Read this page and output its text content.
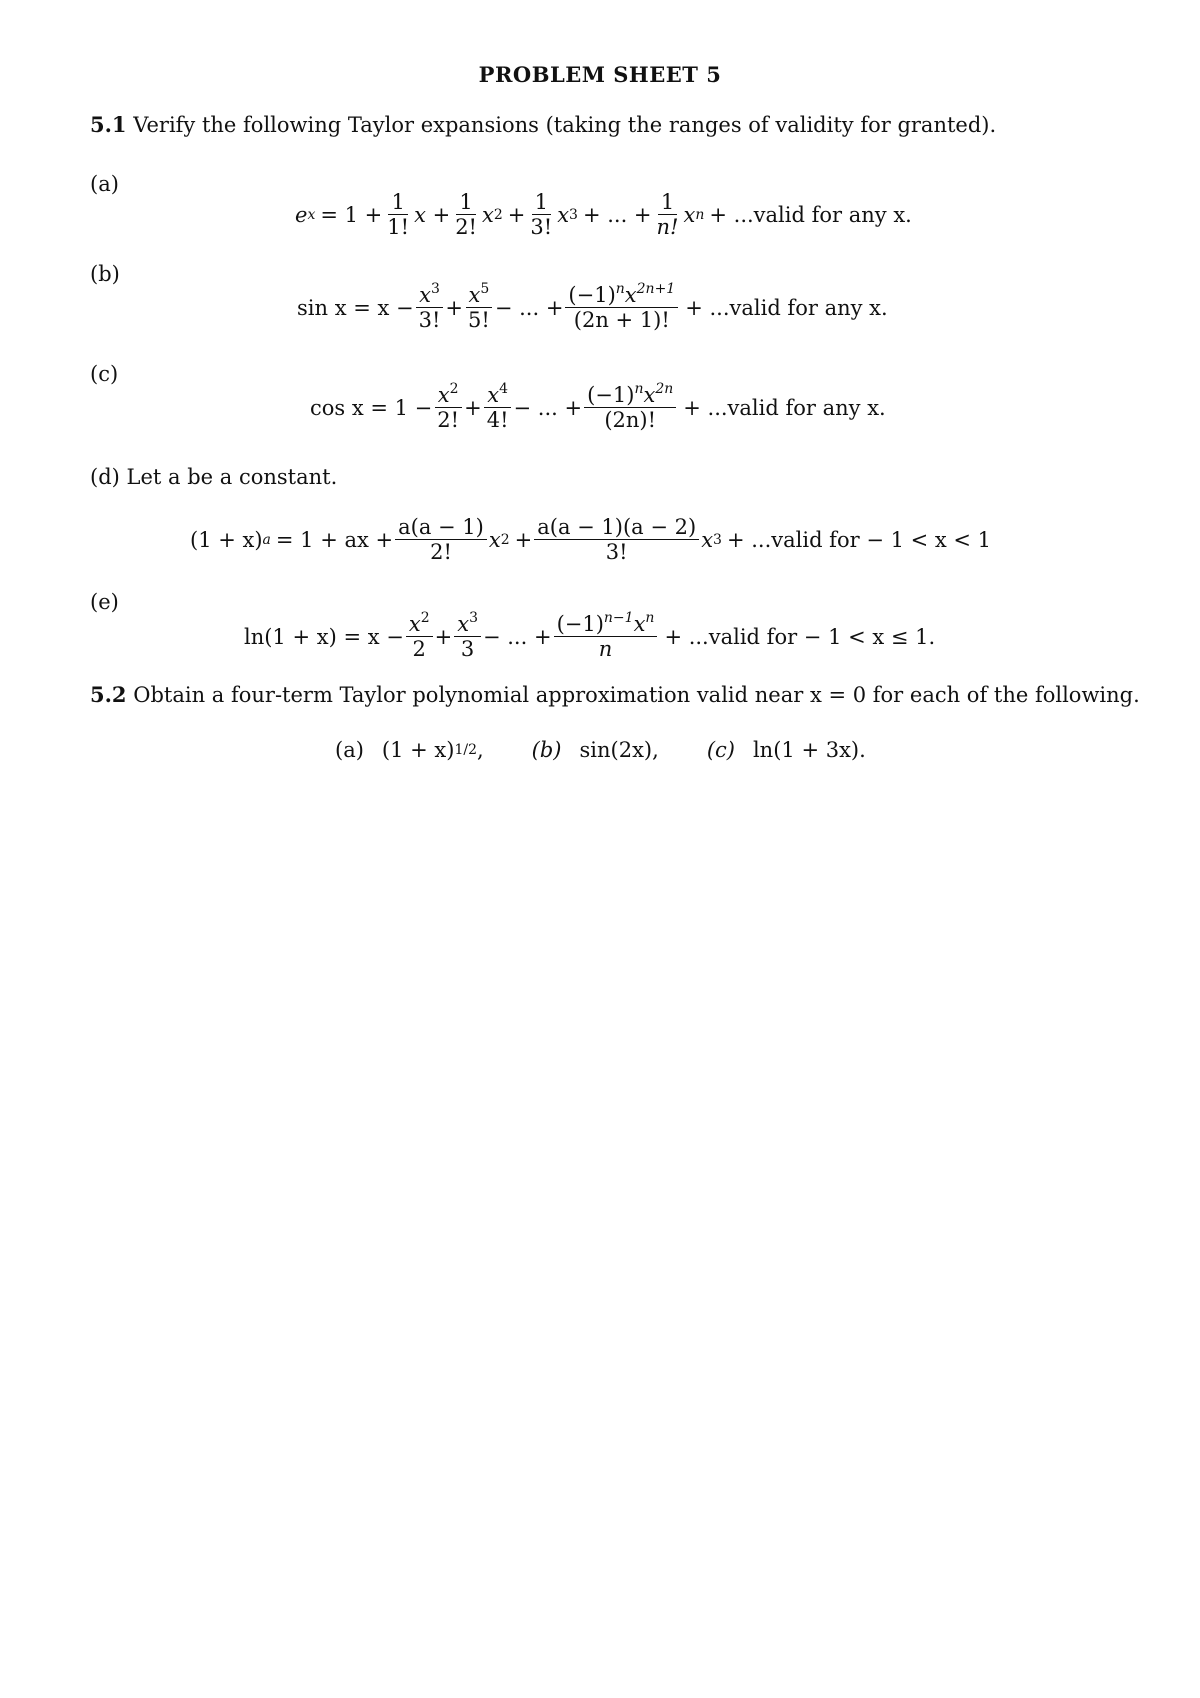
PROBLEM SHEET 5
5.1 Verify the following Taylor expansions (taking the ranges of validity for granted).
(a)
e $x = 1 + \frac{1}{1!}$ $x + \frac{1}{2!}$ x $2 + \frac{1}{3!}$ x 3 + ... + $\frac{1}{n!}$ x n + ...valid for any x.
(b)
$\sin x = x - \frac{x^3}{3!} + \frac{x^5}{5!}$ − ... + $\frac{(-1)^nx^{2n+1}}{(2n + 1)!}$ + ...valid for any x.
(c)
$\cos x = 1 - \frac{x^2}{2!} + \frac{x^4}{4!}$ − ... + $\frac{(-1)^nx^{2n}}{(2n)!}$ + ...valid for any x.
(d) Let a be a constant.
(1 + x) a = 1 + ax + $\frac{a(a - 1)}{2!}$ x $2 + \frac{a(a - 1)(a - 2)}{3!}$ x 3 + ...valid for − 1 < x < 1
(e)
$\ln(1 + x) = x - \frac{x^2}{2} + \frac{x^3}{3}$ − ... + $\frac{(-1)^{n-1}x^n}{n}$ + ...valid for − 1 < x ≤ 1.
5.2 Obtain a four-term Taylor polynomial approximation valid near x = 0 for each of the following.
(a) (1 + x) 1/2 , (b) sin(2x), (c) ln(1 + 3x).
